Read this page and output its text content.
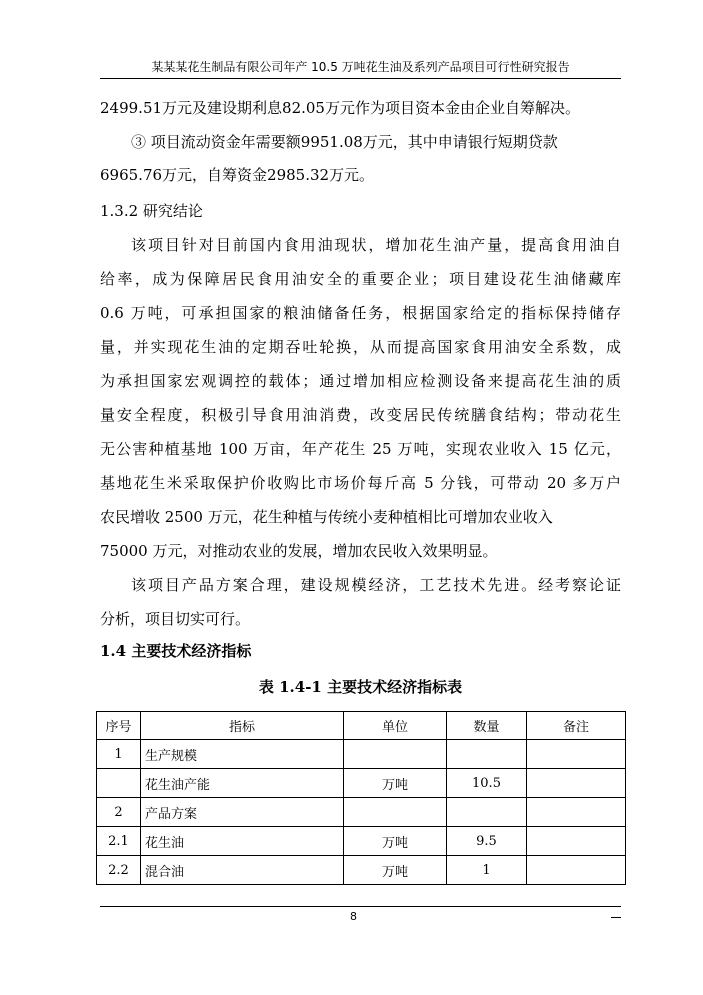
某某某花生制品有限公司年产 10.5 万吨花生油及系列产品项目可行性研究报告
2499.51万元及建设期利息82.05万元作为项目资本金由企业自筹解决。
③ 项目流动资金年需要额9951.08万元，其中申请银行短期贷款
6965.76万元，自筹资金2985.32万元。
1.3.2 研究结论
该项目针对目前国内食用油现状，增加花生油产量，提高食用油自
给率，成为保障居民食用油安全的重要企业；项目建设花生油储藏库
0.6 万吨，可承担国家的粮油储备任务，根据国家给定的指标保持储存
量，并实现花生油的定期吞吐轮换，从而提高国家食用油安全系数，成
为承担国家宏观调控的载体；通过增加相应检测设备来提高花生油的质
量安全程度，积极引导食用油消费，改变居民传统膳食结构；带动花生
无公害种植基地 100 万亩，年产花生 25 万吨，实现农业收入 15 亿元，
基地花生米采取保护价收购比市场价每斤高 5 分钱，可带动 20 多万户
农民增收 2500 万元，花生种植与传统小麦种植相比可增加农业收入
75000 万元，对推动农业的发展，增加农民收入效果明显。
该项目产品方案合理，建设规模经济，工艺技术先进。经考察论证
分析，项目切实可行。
1.4 主要技术经济指标
表 1.4-1 主要技术经济指标表
序号	指标	单位	数量	备注
1	生产规模			
	花生油产能	万吨	10.5	
2	产品方案			
2.1	花生油	万吨	9.5	
2.2	混合油	万吨	1	
8
